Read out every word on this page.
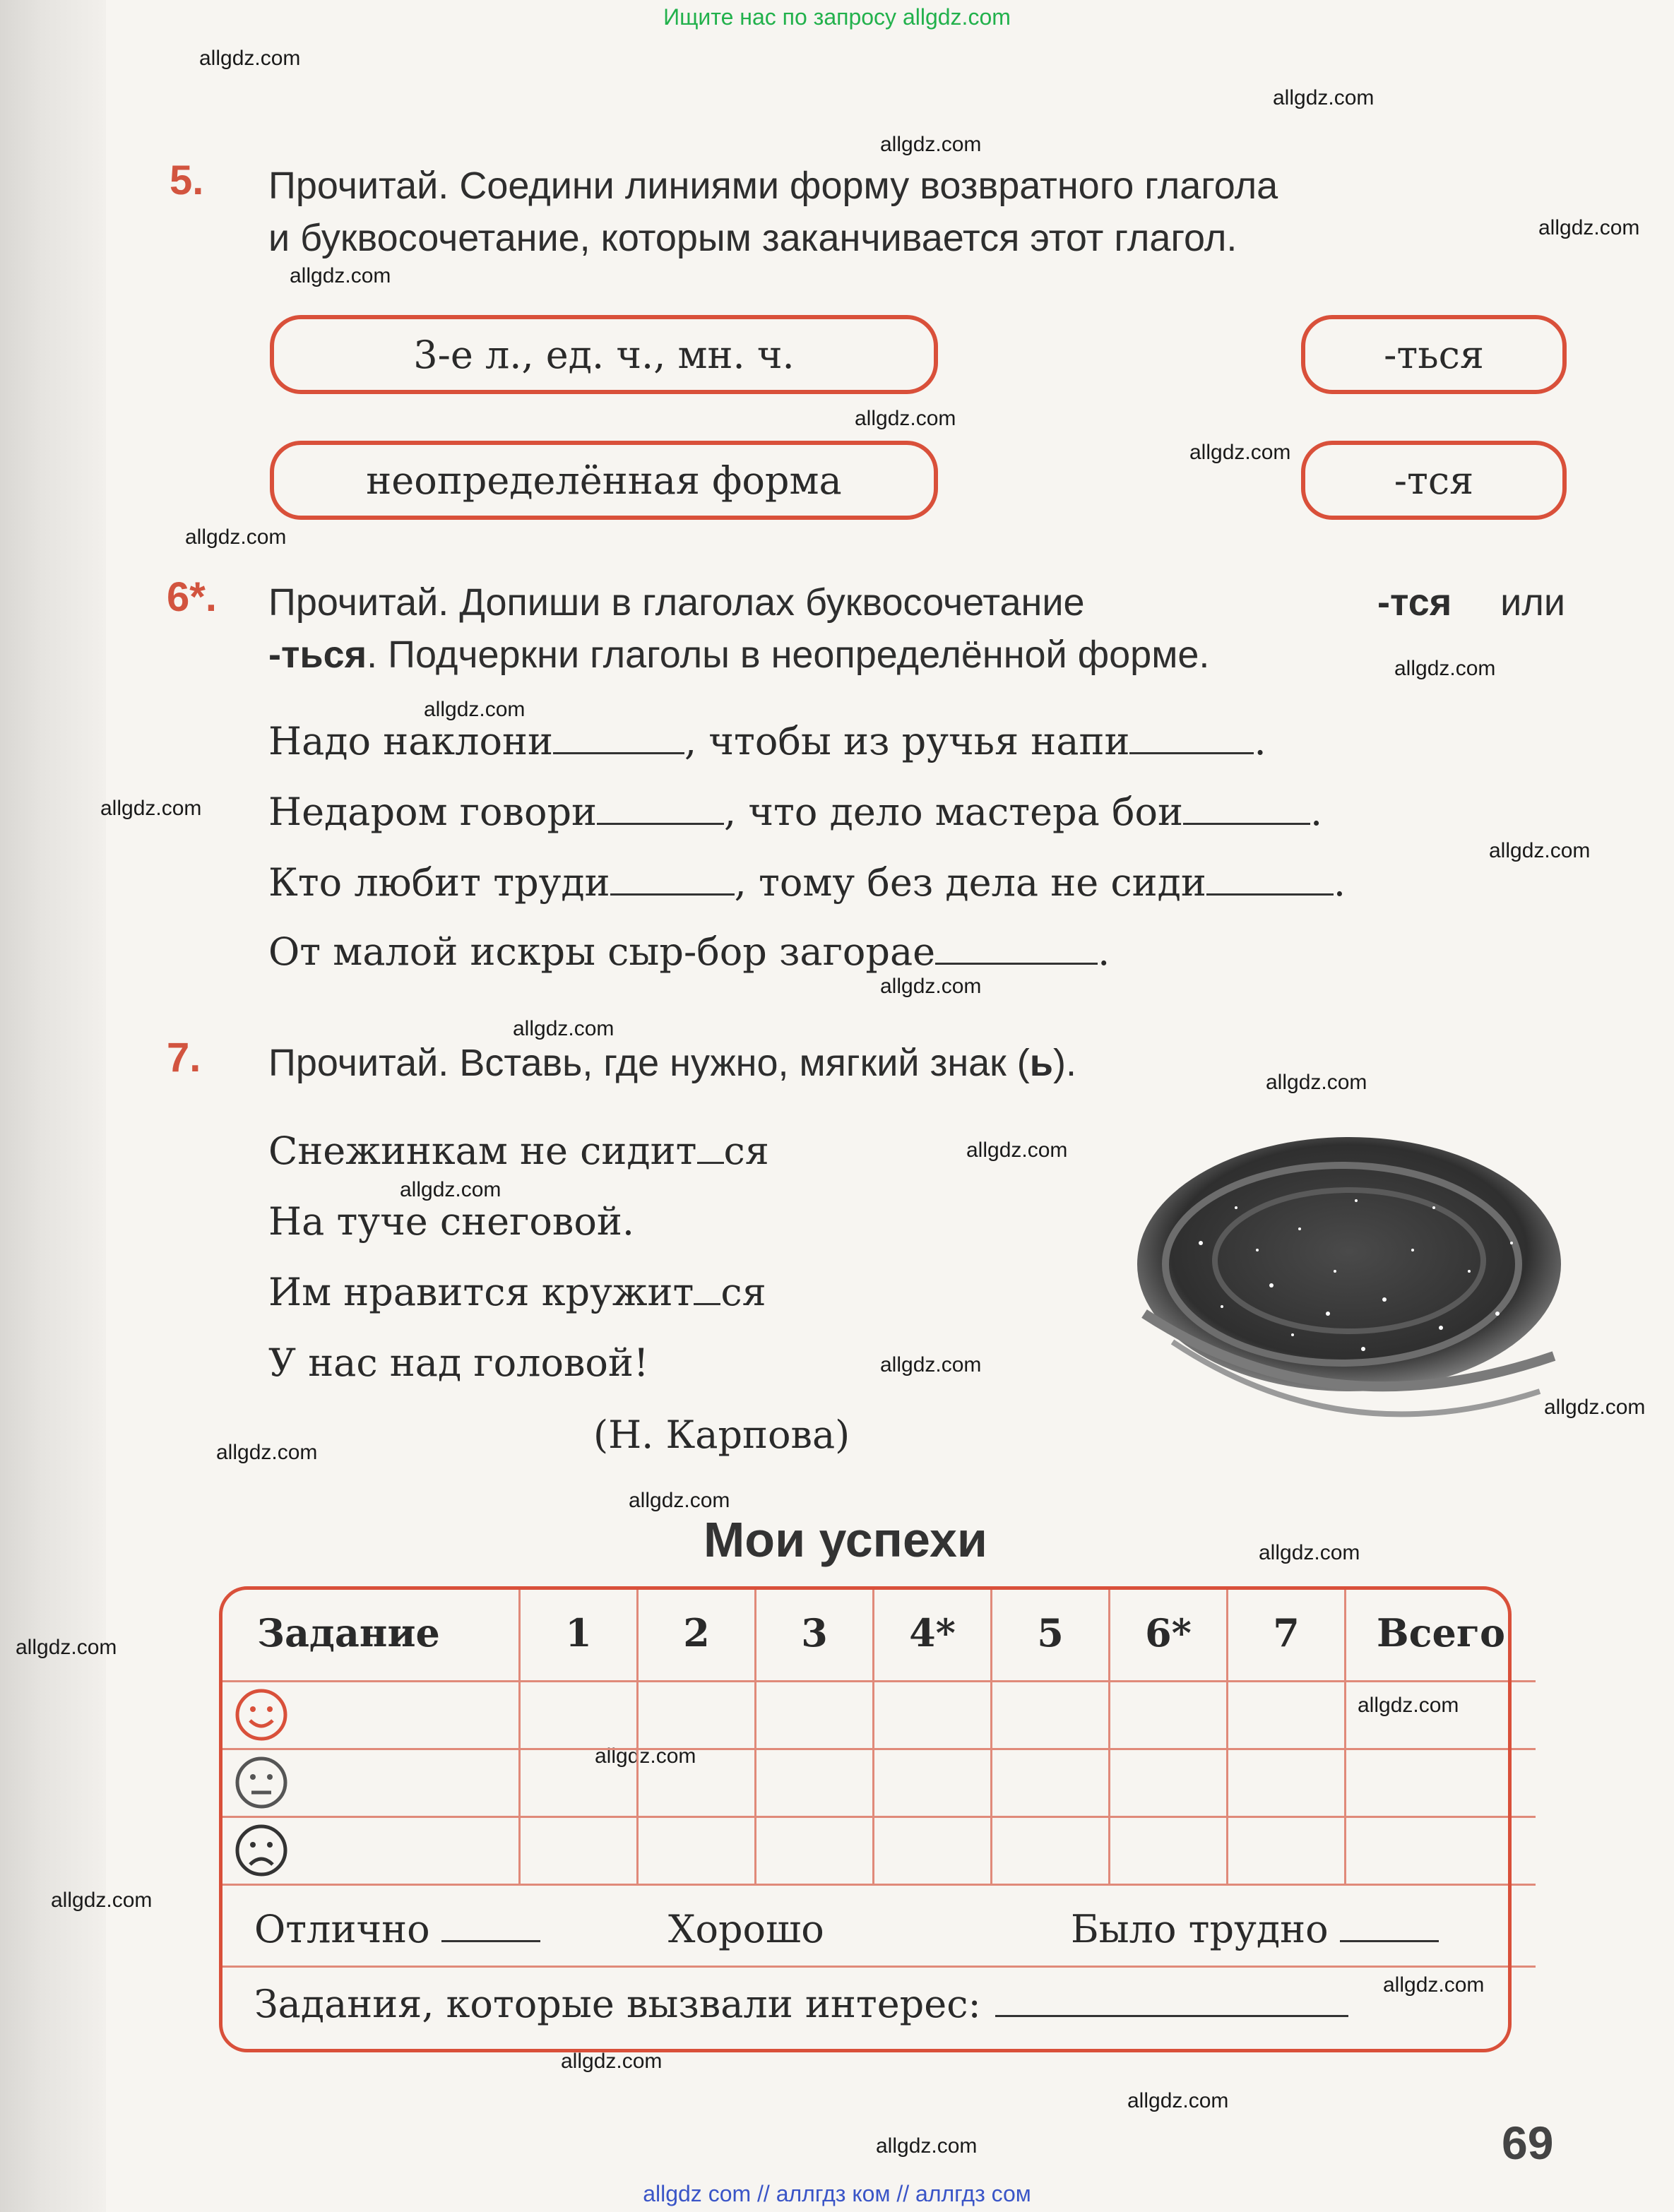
Ищите нас по запросу allgdz.com
allgdz.com
allgdz.com
allgdz.com
allgdz.com
allgdz.com
allgdz.com
allgdz.com
allgdz.com
allgdz.com
allgdz.com
allgdz.com
allgdz.com
allgdz.com
allgdz.com
allgdz.com
allgdz.com
allgdz.com
allgdz.com
allgdz.com
allgdz.com
allgdz.com
allgdz.com
allgdz.com
allgdz.com
allgdz.com
allgdz.com
allgdz.com
allgdz.com
allgdz.com
allgdz.com
5. Прочитай. Соедини линиями форму возвратного глагола
и буквосочетание, которым заканчивается этот глагол.
3-е л., ед. ч., мн. ч.
неопределённая форма
-ться
-тся
6*. Прочитай. Допиши в глаголах буквосочетание	-тся или
-ться. Подчеркни глаголы в неопределённой форме.
Надо наклони	, чтобы из ручья напи	.
Недаром говори	, что дело мастера бои	.
Кто любит труди	, тому без дела не сиди	.
От малой искры сыр-бор загорае	.
7. Прочитай. Вставь, где нужно, мягкий знак (ь).
Снежинкам не сидит ся
На туче снеговой.
Им нравится кружит ся
У нас над головой!
(Н. Карпова)
Мои успехи
Задание	1	2	3	4*	5	6*	7	Всего

Отлично Хорошо Было трудно								

Задания, которые вызвали интерес:								
69
allgdz com // аллгдз ком // аллгдз сом
